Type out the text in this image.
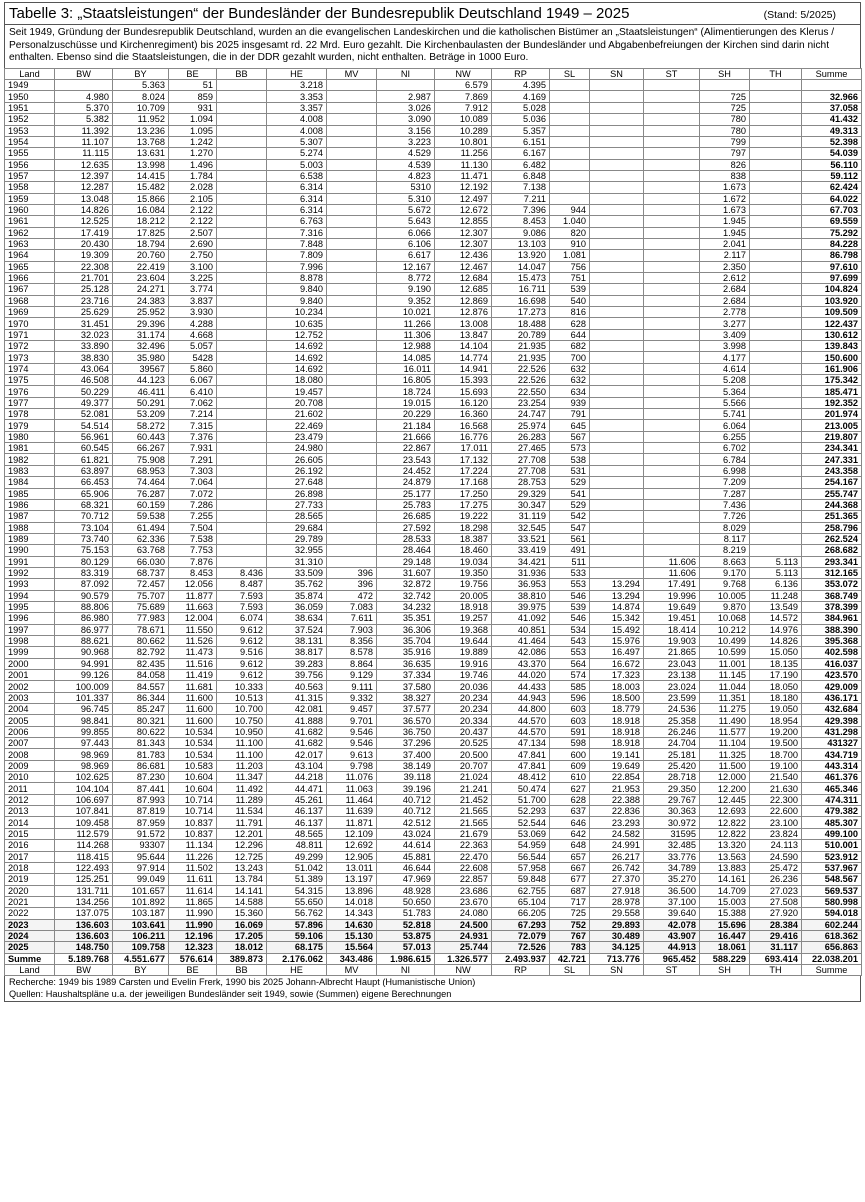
Tabelle 3: „Staatsleistungen“ der Bundesländer der Bundesrepublik Deutschland 1949 – 2025	(Stand: 5/2025)
Seit 1949, Gründung der Bundesrepublik Deutschland, wurden an die evangelischen Landeskirchen und die katholischen Bistümer an „Staatsleistungen“ (Alimentierungen des Klerus / Personalzuschüsse und Kirchenregiment) bis 2025 insgesamt rd. 22 Mrd. Euro gezahlt. Die Kirchenbaulasten der Bundesländer und Abgabenbefreiungen der Kirchen sind darin nicht enthalten. Ebenso sind die Staatsleistungen, die in der DDR gezahlt wurden, nicht enthalten. Beträge in 1000 Euro.
Land	BW	BY	BE	BB	HE	MV	NI	NW	RP	SL	SN	ST	SH	TH	Summe
1949		5.363	51		3.218			6.579	4.395						
1950	4.980	8.024	859		3.353		2.987	7.869	4.169				725		32.966
1951	5.370	10.709	931		3.357		3.026	7.912	5.028				725		37.058
1952	5.382	11.952	1.094		4.008		3.090	10.089	5.036				780		41.432
1953	11.392	13.236	1.095		4.008		3.156	10.289	5.357				780		49.313
1954	11.107	13.768	1.242		5.307		3.223	10.801	6.151				799		52.398
1955	11.115	13.631	1.270		5.274		4.529	11.256	6.167				797		54.039
1956	12.635	13.998	1.496		5.003		4.539	11.130	6.482				826		56.110
1957	12.397	14.415	1.784		6.538		4.823	11.471	6.848				838		59.112
1958	12.287	15.482	2.028		6.314		5310	12.192	7.138				1.673		62.424
1959	13.048	15.866	2.105		6.314		5.310	12.497	7.211				1.672		64.022
1960	14.826	16.084	2.122		6.314		5.672	12.672	7.396	944			1.673		67.703
1961	12.525	18.212	2.122		6.763		5.643	12.855	8.453	1.040			1.945		69.559
1962	17.419	17.825	2.507		7.316		6.066	12.307	9.086	820			1.945		75.292
1963	20.430	18.794	2.690		7.848		6.106	12.307	13.103	910			2.041		84.228
1964	19.309	20.760	2.750		7.809		6.617	12.436	13.920	1.081			2.117		86.798
1965	22.308	22.419	3.100		7.996		12.167	12.467	14.047	756			2.350		97.610
1966	21.701	23.604	3.225		8.878		8.772	12.684	15.473	751			2.612		97.699
1967	25.128	24.271	3.774		9.840		9.190	12.685	16.711	539			2.684		104.824
1968	23.716	24.383	3.837		9.840		9.352	12.869	16.698	540			2.684		103.920
1969	25.629	25.952	3.930		10.234		10.021	12.876	17.273	816			2.778		109.509
1970	31.451	29.396	4.288		10.635		11.266	13.008	18.488	628			3.277		122.437
1971	32.023	31.174	4.668		12.752		11.306	13.847	20.789	644			3.409		130.612
1972	33.890	32.496	5.057		14.692		12.988	14.104	21.935	682			3.998		139.843
1973	38.830	35.980	5428		14.692		14.085	14.774	21.935	700			4.177		150.600
1974	43.064	39567	5.860		14.692		16.011	14.941	22.526	632			4.614		161.906
1975	46.508	44.123	6.067		18.080		16.805	15.393	22.526	632			5.208		175.342
1976	50.229	46.411	6.410		19.457		18.724	15.693	22.550	634			5.364		185.471
1977	49.377	50.291	7.062		20.708		19.015	16.120	23.254	939			5.566		192.352
1978	52.081	53.209	7.214		21.602		20.229	16.360	24.747	791			5.741		201.974
1979	54.514	58.272	7.315		22.469		21.184	16.568	25.974	645			6.064		213.005
1980	56.961	60.443	7.376		23.479		21.666	16.776	26.283	567			6.255		219.807
1981	60.545	66.267	7.931		24.980		22.867	17.011	27.465	573			6.702		234.341
1982	61.821	75.908	7.291		26.605		23.543	17.132	27.708	538			6.784		247.331
1983	63.897	68.953	7.303		26.192		24.452	17.224	27.708	531			6.998		243.358
1984	66.453	74.464	7.064		27.648		24.879	17.168	28.753	529			7.209		254.167
1985	65.906	76.287	7.072		26.898		25.177	17.250	29.329	541			7.287		255.747
1986	68.321	60.159	7.286		27.733		25.783	17.275	30.347	529			7.436		244.368
1987	70.712	59.538	7.255		28.565		26.685	19.222	31.119	542			7.726		251.365
1988	73.104	61.494	7.504		29.684		27.592	18.298	32.545	547			8.029		258.796
1989	73.740	62.336	7.538		29.789		28.533	18.387	33.521	561			8.117		262.524
1990	75.153	63.768	7.753		32.955		28.464	18.460	33.419	491			8.219		268.682
1991	80.129	66.030	7.876		31.310		29.148	19.034	34.421	511		11.606	8.663	5.113	293.341
1992	83.319	68.737	8.453	8.436	33.509	396	31.607	19.350	31.936	533		11.606	9.170	5.113	312.165
1993	87.092	72.457	12.056	8.487	35.762	396	32.872	19.756	36.953	553	13.294	17.491	9.768	6.136	353.072
1994	90.579	75.707	11.877	7.593	35.874	472	32.742	20.005	38.810	546	13.294	19.996	10.005	11.248	368.749
1995	88.806	75.689	11.663	7.593	36.059	7.083	34.232	18.918	39.975	539	14.874	19.649	9.870	13.549	378.399
1996	86.980	77.983	12.004	6.074	38.634	7.611	35.351	19.257	41.092	546	15.342	19.451	10.068	14.572	384.961
1997	86.977	78.671	11.550	9.612	37.524	7.903	36.306	19.368	40.851	534	15.492	18.414	10.212	14.976	388.390
1998	88.621	80.662	11.526	9.612	38.131	8.356	35.704	19.644	41.464	543	15.976	19.903	10.499	14.826	395.368
1999	90.968	82.792	11.473	9.516	38.817	8.578	35.916	19.889	42.086	553	16.497	21.865	10.599	15.050	402.598
2000	94.991	82.435	11.516	9.612	39.283	8.864	36.635	19.916	43.370	564	16.672	23.043	11.001	18.135	416.037
2001	99.126	84.058	11.419	9.612	39.756	9.129	37.334	19.746	44.020	574	17.323	23.138	11.145	17.190	423.570
2002	100.009	84.557	11.681	10.333	40.563	9.111	37.580	20.036	44.433	585	18.003	23.024	11.044	18.050	429.009
2003	101.337	86.344	11.600	10.513	41.315	9.332	38.327	20.234	44.943	596	18.500	23.599	11.351	18.180	436.171
2004	96.745	85.247	11.600	10.700	42.081	9.457	37.577	20.234	44.800	603	18.779	24.536	11.275	19.050	432.684
2005	98.841	80.321	11.600	10.750	41.888	9.701	36.570	20.334	44.570	603	18.918	25.358	11.490	18.954	429.398
2006	99.855	80.622	10.534	10.950	41.682	9.546	36.750	20.437	44.570	591	18.918	26.246	11.577	19.200	431.298
2007	97.443	81.343	10.534	11.100	41.682	9.546	37.296	20.525	47.134	598	18.918	24.704	11.104	19.500	431327
2008	98.969	81.783	10.534	11.100	42.017	9.613	37.400	20.500	47.841	600	19.141	25.181	11.325	18.700	434.719
2009	98.969	86.681	10.583	11.203	43.104	9.798	38.149	20.707	47.841	609	19.649	25.420	11.500	19.100	443.314
2010	102.625	87.230	10.604	11.347	44.218	11.076	39.118	21.024	48.412	610	22.854	28.718	12.000	21.540	461.376
2011	104.104	87.441	10.604	11.492	44.471	11.063	39.196	21.241	50.474	627	21.953	29.350	12.200	21.630	465.346
2012	106.697	87.993	10.714	11.289	45.261	11.464	40.712	21.452	51.700	628	22.388	29.767	12.445	22.300	474.311
2013	107.841	87.819	10.714	11.534	46.137	11.639	40.712	21.565	52.293	637	22.836	30.363	12.693	22.600	479.382
2014	109.458	87.959	10.837	11.791	46.137	11.871	42.512	21.565	52.544	646	23.293	30.972	12.822	23.100	485.307
2015	112.579	91.572	10.837	12.201	48.565	12.109	43.024	21.679	53.069	642	24.582	31595	12.822	23.824	499.100
2016	114.268	93307	11.134	12.296	48.811	12.692	44.614	22.363	54.959	648	24.991	32.485	13.320	24.113	510.001
2017	118.415	95.644	11.226	12.725	49.299	12.905	45.881	22.470	56.544	657	26.217	33.776	13.563	24.590	523.912
2018	122.493	97.914	11.502	13.243	51.042	13.011	46.644	22.608	57.958	667	26.742	34.789	13.883	25.472	537.967
2019	125.251	99.049	11.611	13.784	51.389	13.197	47.969	22.857	59.848	677	27.370	35.270	14.161	26.236	548.567
2020	131.711	101.657	11.614	14.141	54.315	13.896	48.928	23.686	62.755	687	27.918	36.500	14.709	27.023	569.537
2021	134.256	101.892	11.865	14.588	55.650	14.018	50.650	23.670	65.104	717	28.978	37.100	15.003	27.508	580.998
2022	137.075	103.187	11.990	15.360	56.762	14.343	51.783	24.080	66.205	725	29.558	39.640	15.388	27.920	594.018
2023	136.603	103.641	11.990	16.069	57.896	14.630	52.818	24.500	67.293	752	29.893	42.078	15.696	28.384	602.244
2024	136.603	106.211	12.196	17.205	59.106	15.130	53.875	24.931	72.079	767	30.489	43.907	16.447	29.416	618.362
2025	148.750	109.758	12.323	18.012	68.175	15.564	57.013	25.744	72.526	783	34.125	44.913	18.061	31.117	656.863
Summe	5.189.768	4.551.677	576.614	389.873	2.176.062	343.486	1.986.615	1.326.577	2.493.937	42.721	713.776	965.452	588.229	693.414	22.038.201
Land	BW	BY	BE	BB	HE	MV	NI	NW	RP	SL	SN	ST	SH	TH	Summe
Recherche: 1949 bis 1989 Carsten und Evelin Frerk, 1990 bis 2025 Johann-Albrecht Haupt (Humanistische Union)
Quellen: Haushaltspläne u.a. der jeweiligen Bundesländer seit 1949, sowie (Summen) eigene Berechnungen
